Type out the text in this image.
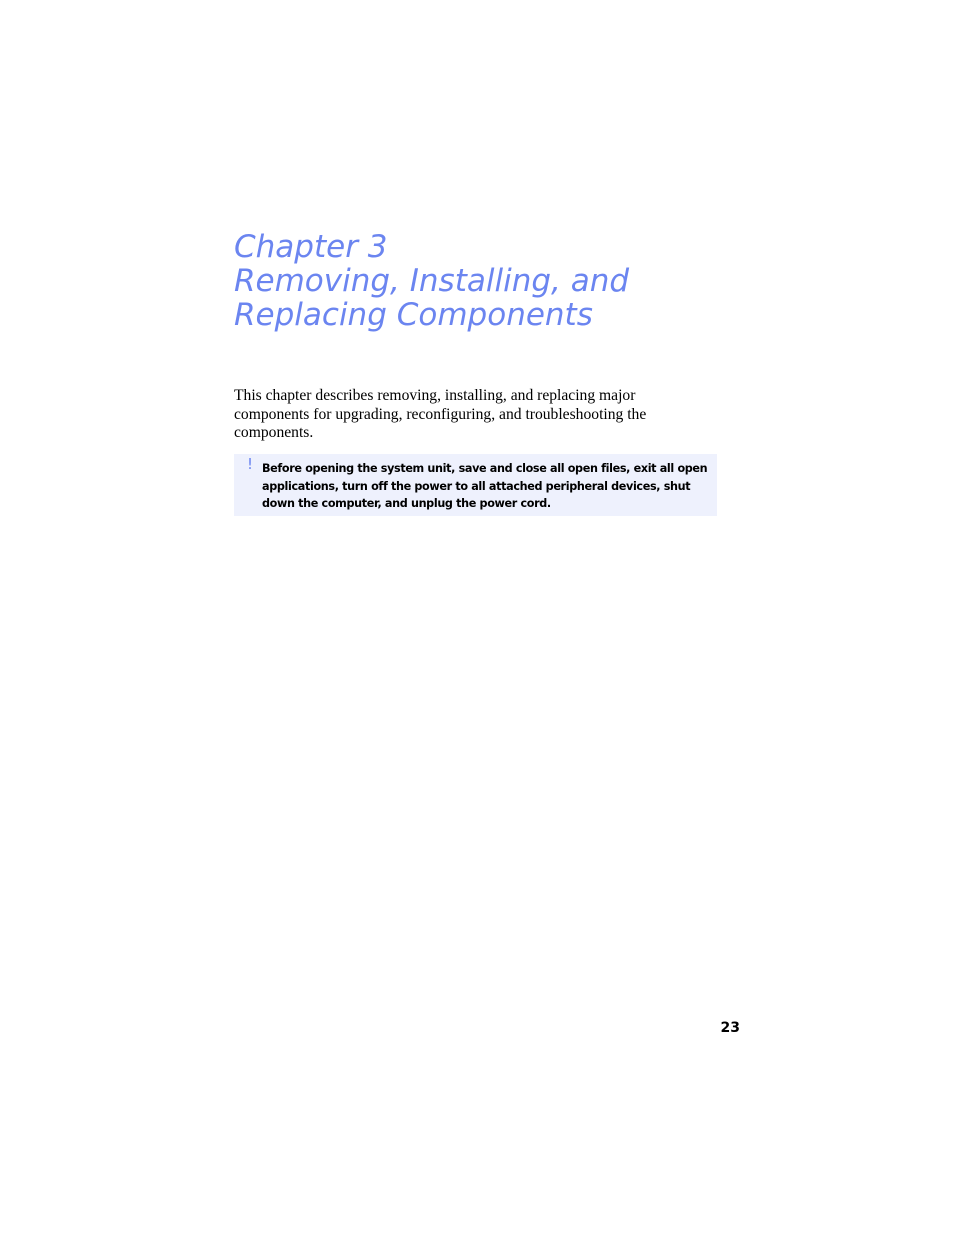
Chapter 3
Removing, Installing, and
Replacing Components

This chapter describes removing, installing, and replacing major components for upgrading, reconfiguring, and troubleshooting the components.

! Before opening the system unit, save and close all open files, exit all open applications, turn off the power to all attached peripheral devices, shut down the computer, and unplug the power cord.

23
